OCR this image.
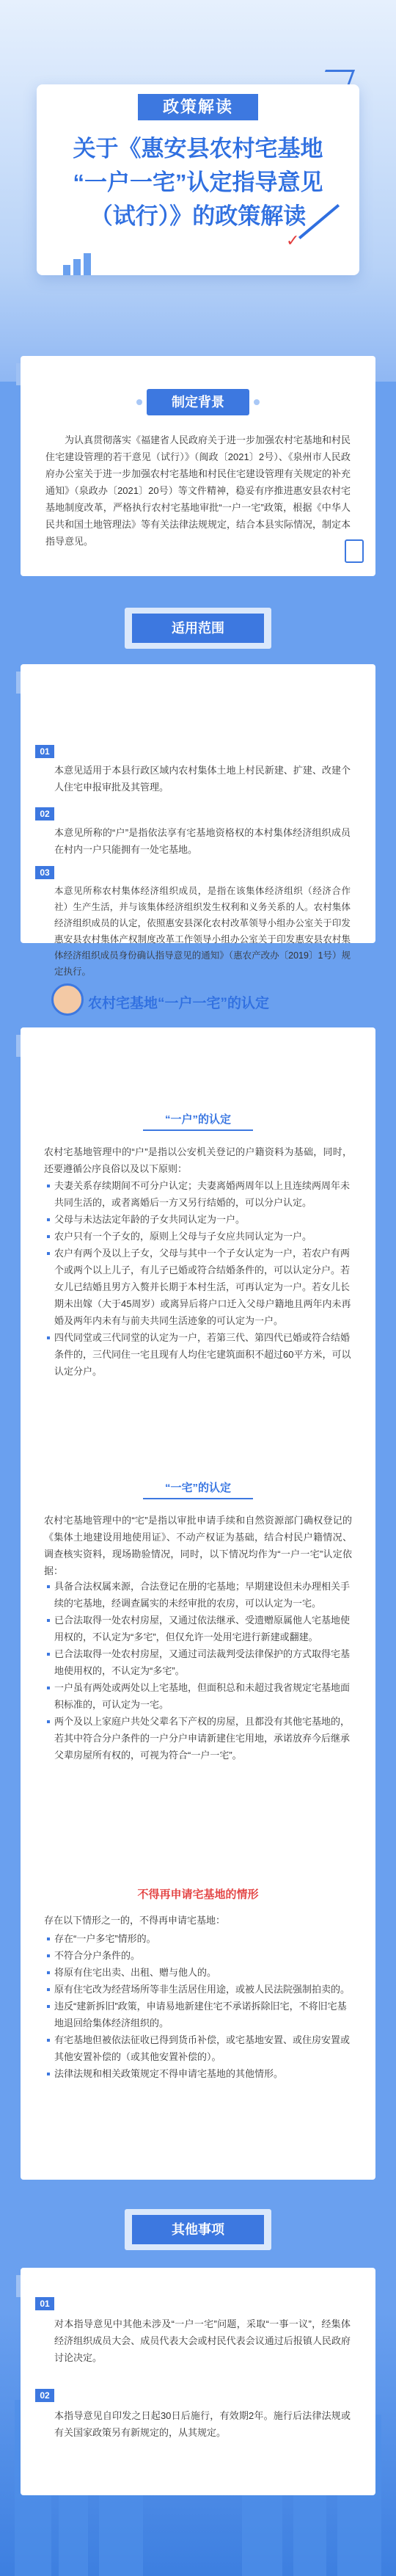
政策解读
关于《惠安县农村宅基地
“一户一宅”认定指导意见
（试行）》的政策解读
✓
制定背景
为认真贯彻落实《福建省人民政府关于进一步加强农村宅基地和村民住宅建设管理的若干意见（试行）》（闽政〔2021〕2号）、《泉州市人民政府办公室关于进一步加强农村宅基地和村民住宅建设管理有关规定的补充通知》（泉政办〔2021〕20号）等文件精神，稳妥有序推进惠安县农村宅基地制度改革，严格执行农村宅基地审批“一户一宅”政策，根据《中华人民共和国土地管理法》等有关法律法规规定，结合本县实际情况，制定本指导意见。
适用范围
01
本意见适用于本县行政区域内农村集体土地上村民新建、扩建、改建个人住宅申报审批及其管理。
02
本意见所称的“户”是指依法享有宅基地资格权的本村集体经济组织成员在村内一户只能拥有一处宅基地。
03
本意见所称农村集体经济组织成员，是指在该集体经济组织（经济合作社）生产生活，并与该集体经济组织发生权利和义务关系的人。农村集体经济组织成员的认定，依照惠安县深化农村改革领导小组办公室关于印发惠安县农村集体产权制度改革工作领导小组办公室关于印发惠安县农村集体经济组织成员身份确认指导意见的通知》（惠农产改办〔2019〕1号）规定执行。
农村宅基地“一户一宅”的认定
“一户”的认定
农村宅基地管理中的“户”是指以公安机关登记的户籍资料为基础，同时，还要遵循公序良俗以及以下原则：
夫妻关系存续期间不可分户认定；夫妻离婚两周年以上且连续两周年未共同生活的，或者离婚后一方又另行结婚的，可以分户认定。
父母与未达法定年龄的子女共同认定为一户。
农户只有一个子女的，原则上父母与子女应共同认定为一户。
农户有两个及以上子女，父母与其中一个子女认定为一户，若农户有两个或两个以上儿子，有儿子已婚或符合结婚条件的，可以认定分户。若女儿已结婚且男方入赘并长期于本村生活，可再认定为一户。若女儿长期未出嫁（大于45周岁）或离异后将户口迁入父母户籍地且两年内未再婚及两年内未有与前夫共同生活迹象的可认定为一户。
四代同堂或三代同堂的认定为一户，若第三代、第四代已婚或符合结婚条件的，三代同住一宅且现有人均住宅建筑面积不超过60平方米，可以认定分户。
“一宅”的认定
农村宅基地管理中的“宅”是指以审批申请手续和自然资源部门确权登记的《集体土地建设用地使用证》、不动产权证为基础，结合村民户籍情况、调查核实资料，现场勘验情况，同时，以下情况均作为“一户一宅”认定依据：
具备合法权属来源，合法登记在册的宅基地；早期建设但未办理相关手续的宅基地，经调查属实的未经审批的农房，可以认定为一宅。
已合法取得一处农村房屋，又通过依法继承、受遗赠原属他人宅基地使用权的，不认定为“多宅”，但仅允许一处用宅进行新建或翻建。
已合法取得一处农村房屋，又通过司法裁判受法律保护的方式取得宅基地使用权的，不认定为“多宅”。
一户虽有两处或两处以上宅基地，但面积总和未超过我省规定宅基地面积标准的，可认定为一宅。
两个及以上家庭户共处父辈名下产权的房屋，且都没有其他宅基地的，若其中符合分户条件的一户分户申请新建住宅用地，承诺放弃今后继承父辈房屋所有权的，可视为符合“一户一宅”。
不得再申请宅基地的情形
存在以下情形之一的，不得再申请宅基地：
存在“一户多宅”情形的。
不符合分户条件的。
将原有住宅出卖、出租、赠与他人的。
原有住宅改为经营场所等非生活居住用途，或被人民法院强制拍卖的。
违反“建新拆旧”政策，申请易地新建住宅不承诺拆除旧宅，不将旧宅基地退回给集体经济组织的。
有宅基地但被依法征收已得到货币补偿，或宅基地安置、或住房安置或其他安置补偿的（或其他安置补偿的）。
法律法规和相关政策规定不得申请宅基地的其他情形。
其他事项
01
对本指导意见中其他未涉及“一户一宅”问题，采取“一事一议”，经集体经济组织成员大会、成员代表大会或村民代表会议通过后报镇人民政府讨论决定。
02
本指导意见自印发之日起30日后施行，有效期2年。施行后法律法规或有关国家政策另有新规定的，从其规定。
